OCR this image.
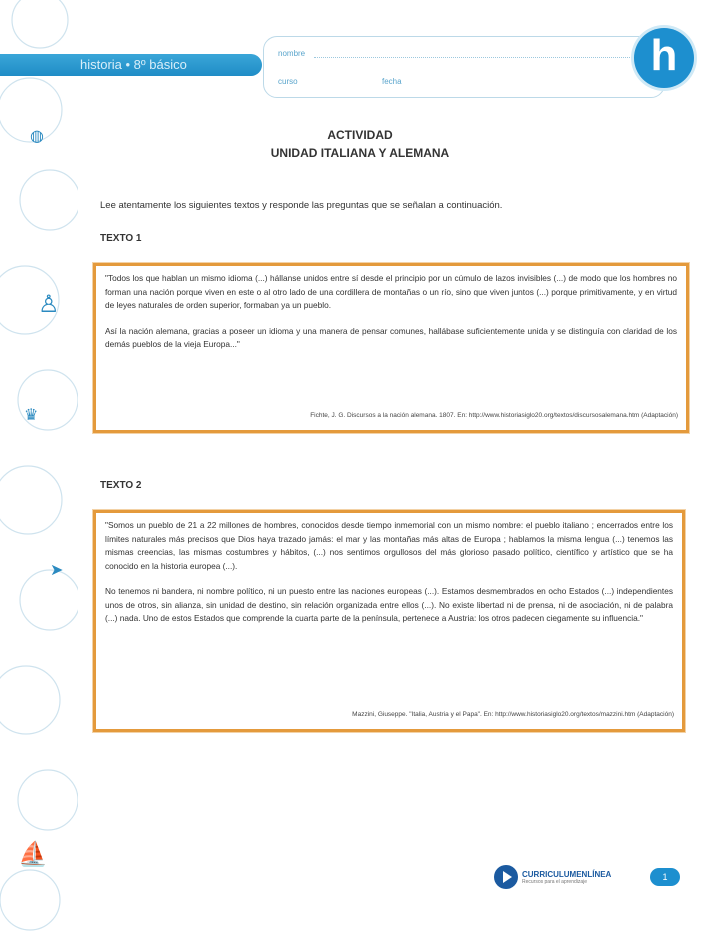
◍
♙
♛
➤
⛵
historia • 8º básico
nombre
curso	fecha
h
ACTIVIDAD
UNIDAD ITALIANA Y ALEMANA
Lee atentamente los siguientes textos y responde las preguntas que se señalan a continuación.
TEXTO 1

"Todos los que hablan un mismo idioma (...) hállanse unidos entre sí desde el principio por un cúmulo de lazos invisibles (...) de modo que los hombres no forman una nación porque viven en este o al otro lado de una cordillera de montañas o un río, sino que viven juntos (...) porque primitivamente, y en virtud de leyes naturales de orden superior, formaban ya un pueblo.

Así la nación alemana, gracias a poseer un idioma y una manera de pensar comunes, hallábase suficientemente unida y se distinguía con claridad de los demás pueblos de la vieja Europa..."

Fichte, J. G. Discursos a la nación alemana. 1807. En: http://www.historiasiglo20.org/textos/discursosalemana.htm (Adaptación)
TEXTO 2

"Somos un pueblo de 21 a 22 millones de hombres, conocidos desde tiempo inmemorial con un mismo nombre: el pueblo italiano ; encerrados entre los límites naturales más precisos que Dios haya trazado jamás: el mar y las montañas más altas de Europa ; hablamos la misma lengua (...) tenemos las mismas creencias, las mismas costumbres y hábitos, (...) nos sentimos orgullosos del más glorioso pasado político, científico y artístico que se ha conocido en la historia europea (...).

No tenemos ni bandera, ni nombre político, ni un puesto entre las naciones europeas (...). Estamos desmembrados en ocho Estados (...) independientes unos de otros, sin alianza, sin unidad de destino, sin relación organizada entre ellos (...). No existe libertad ni de prensa, ni de asociación, ni de palabra (...) nada. Uno de estos Estados que comprende la cuarta parte de la península, pertenece a Austria: los otros padecen ciegamente su influencia."

Mazzini, Giuseppe. "Italia, Austria y el Papa". En: http://www.historiasiglo20.org/textos/mazzini.htm (Adaptación)
CURRICULUMENLÍNEA
Recursos para el aprendizaje	1
